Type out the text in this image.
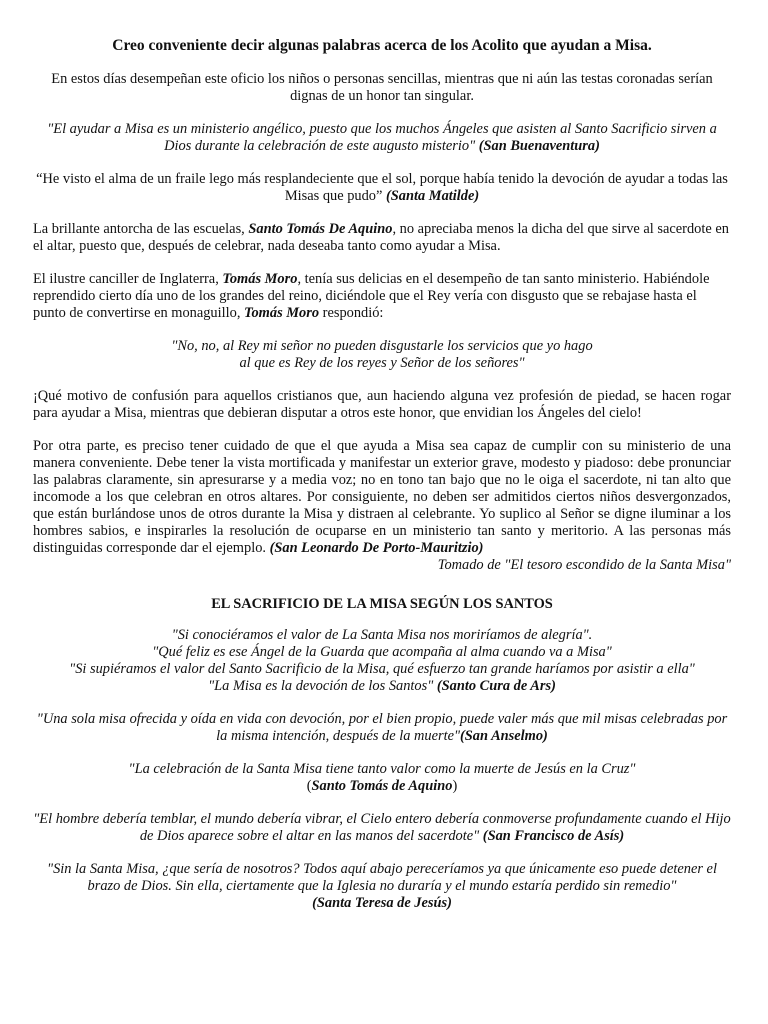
Creo conveniente decir algunas palabras acerca de los Acolito que ayudan a Misa.

En estos días desempeñan este oficio los niños o personas sencillas, mientras que ni aún las testas coronadas serían dignas de un honor tan singular.

"El ayudar a Misa es un ministerio angélico, puesto que los muchos Ángeles que asisten al Santo Sacrificio sirven a Dios durante la celebración de este augusto misterio" (San Buenaventura)

“He visto el alma de un fraile lego más resplandeciente que el sol, porque había tenido la devoción de ayudar a todas las Misas que pudo” (Santa Matilde)

La brillante antorcha de las escuelas, Santo Tomás De Aquino, no apreciaba menos la dicha del que sirve al sacerdote en el altar, puesto que, después de celebrar, nada deseaba tanto como ayudar a Misa.

El ilustre canciller de Inglaterra, Tomás Moro, tenía sus delicias en el desempeño de tan santo ministerio. Habiéndole reprendido cierto día uno de los grandes del reino, diciéndole que el Rey vería con disgusto que se rebajase hasta el punto de convertirse en monaguillo, Tomás Moro respondió:

"No, no, al Rey mi señor no pueden disgustarle los servicios que yo hago
al que es Rey de los reyes y Señor de los señores"

¡Qué motivo de confusión para aquellos cristianos que, aun haciendo alguna vez profesión de piedad, se hacen rogar para ayudar a Misa, mientras que debieran disputar a otros este honor, que envidian los Ángeles del cielo!

Por otra parte, es preciso tener cuidado de que el que ayuda a Misa sea capaz de cumplir con su ministerio de una manera conveniente. Debe tener la vista mortificada y manifestar un exterior grave, modesto y piadoso: debe pronunciar las palabras claramente, sin apresurarse y a media voz; no en tono tan bajo que no le oiga el sacerdote, ni tan alto que incomode a los que celebran en otros altares. Por consiguiente, no deben ser admitidos ciertos niños desvergonzados, que están burlándose unos de otros durante la Misa y distraen al celebrante. Yo suplico al Señor se digne iluminar a los hombres sabios, e inspirarles la resolución de ocuparse en un ministerio tan santo y meritorio. A las personas más distinguidas corresponde dar el ejemplo. (San Leonardo De Porto-Mauritzio)

Tomado de "El tesoro escondido de la Santa Misa"

EL SACRIFICIO DE LA MISA SEGÚN LOS SANTOS
"Si conociéramos el valor de La Santa Misa nos moriríamos de alegría".
"Qué feliz es ese Ángel de la Guarda que acompaña al alma cuando va a Misa"
"Si supiéramos el valor del Santo Sacrificio de la Misa, qué esfuerzo tan grande haríamos por asistir a ella"
"La Misa es la devoción de los Santos" (Santo Cura de Ars)

"Una sola misa ofrecida y oída en vida con devoción, por el bien propio, puede valer más que mil misas celebradas por la misma intención, después de la muerte"(San Anselmo)

"La celebración de la Santa Misa tiene tanto valor como la muerte de Jesús en la Cruz"
(Santo Tomás de Aquino)

"El hombre debería temblar, el mundo debería vibrar, el Cielo entero debería conmoverse profundamente cuando el Hijo de Dios aparece sobre el altar en las manos del sacerdote" (San Francisco de Asís)

"Sin la Santa Misa, ¿que sería de nosotros? Todos aquí abajo pereceríamos ya que únicamente eso puede detener el brazo de Dios. Sin ella, ciertamente que la Iglesia no duraría y el mundo estaría perdido sin remedio"
(Santa Teresa de Jesús)
